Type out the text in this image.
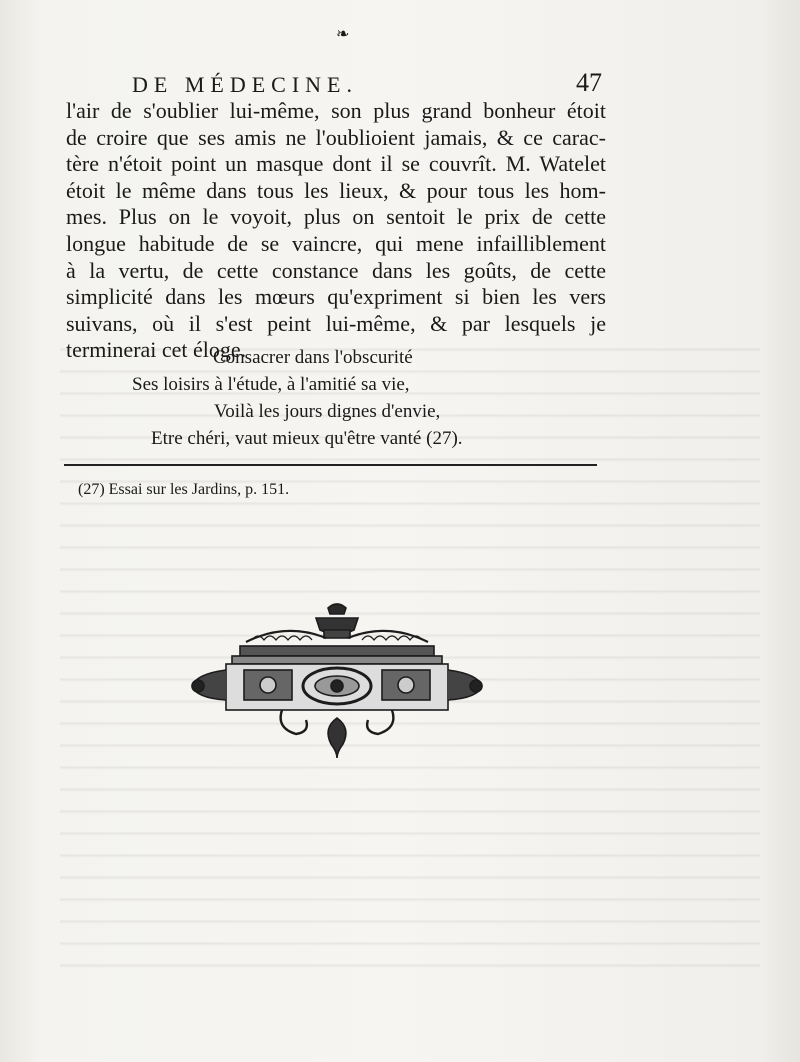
❧
DE MÉDECINE.	47
l'air de s'oublier lui-même, son plus grand bonheur étoit
de croire que ses amis ne l'oublioient jamais, & ce carac-
tère n'étoit point un masque dont il se couvrît. M. Watelet
étoit le même dans tous les lieux, & pour tous les hom-
mes. Plus on le voyoit, plus on sentoit le prix de cette
longue habitude de se vaincre, qui mene infailliblement
à la vertu, de cette constance dans les goûts, de cette
simplicité dans les mœurs qu'expriment si bien les vers
suivans, où il s'est peint lui-même, & par lesquels je
terminerai cet éloge.
Consacrer dans l'obscurité
Ses loisirs à l'étude, à l'amitié sa vie,
Voilà les jours dignes d'envie,
Etre chéri, vaut mieux qu'être vanté (27).
(27) Essai sur les Jardins, p. 151.
